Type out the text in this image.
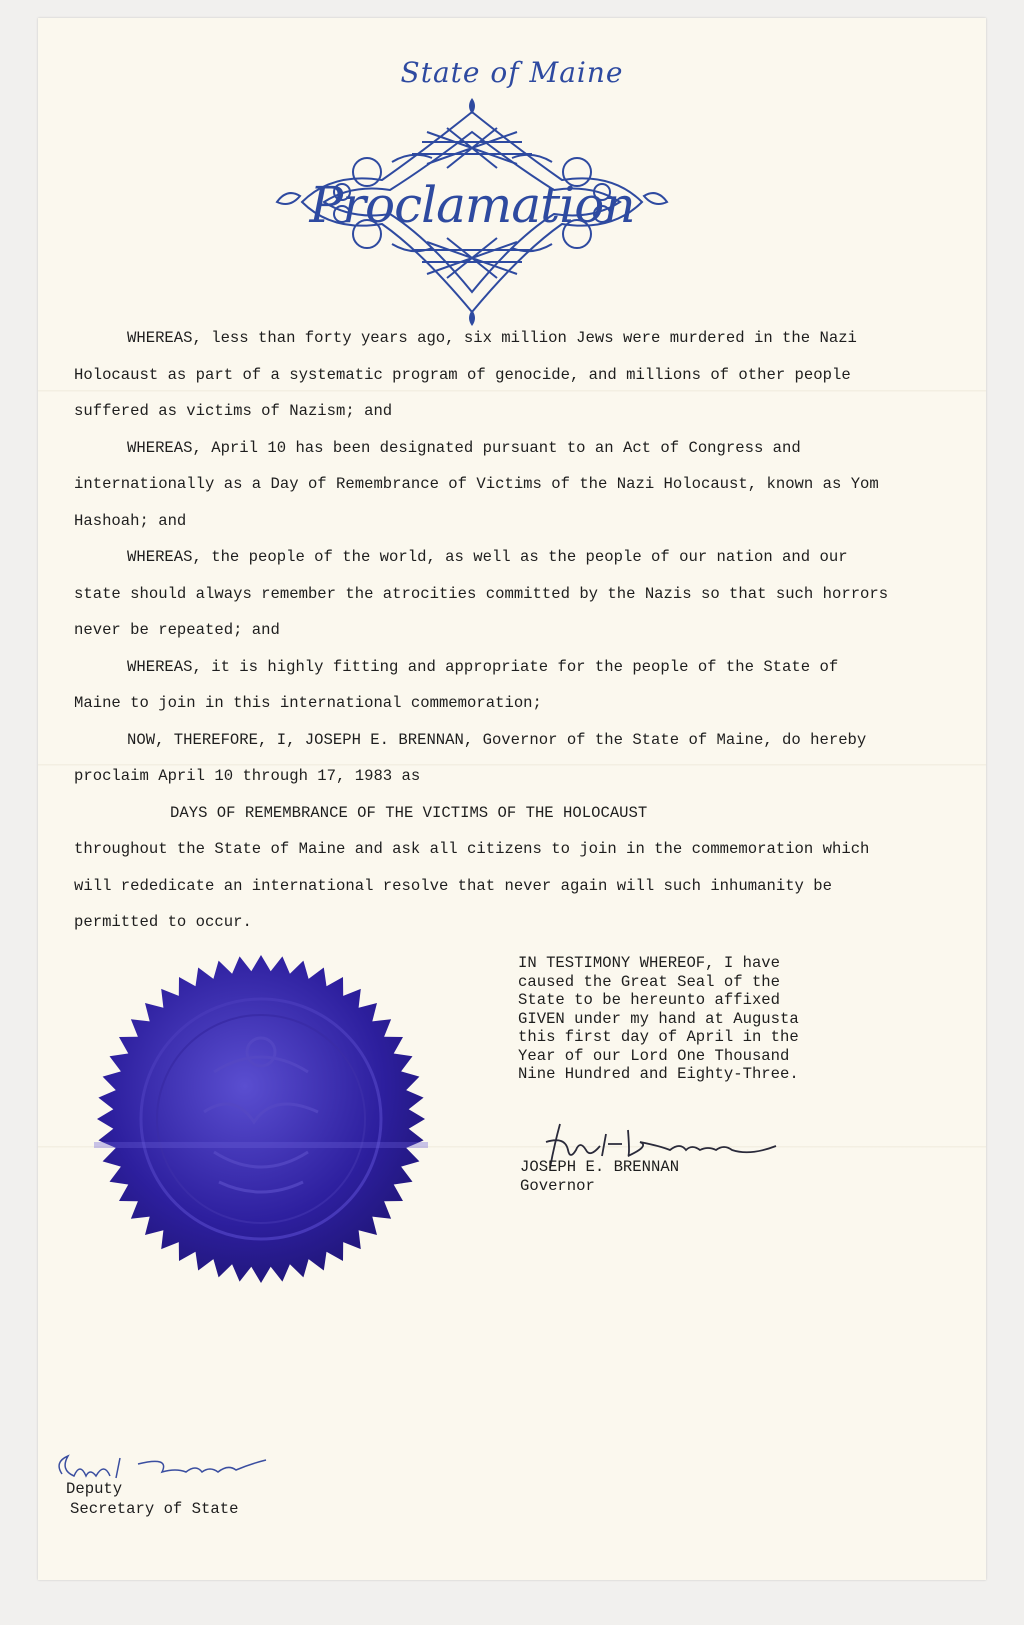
State of Maine
Proclamation

WHEREAS, less than forty years ago, six million Jews were murdered in the Nazi Holocaust as part of a systematic program of genocide, and millions of other people suffered as victims of Nazism; and

WHEREAS, April 10 has been designated pursuant to an Act of Congress and internationally as a Day of Remembrance of Victims of the Nazi Holocaust, known as Yom Hashoah; and

WHEREAS, the people of the world, as well as the people of our nation and our state should always remember the atrocities committed by the Nazis so that such horrors never be repeated; and

WHEREAS, it is highly fitting and appropriate for the people of the State of Maine to join in this international commemoration;

NOW, THEREFORE, I, JOSEPH E. BRENNAN, Governor of the State of Maine, do hereby proclaim April 10 through 17, 1983 as

DAYS OF REMEMBRANCE OF THE VICTIMS OF THE HOLOCAUST

throughout the State of Maine and ask all citizens to join in the commemoration which will rededicate an international resolve that never again will such inhumanity be permitted to occur.

IN TESTIMONY WHEREOF, I have
caused the Great Seal of the
State to be hereunto affixed
GIVEN under my hand at Augusta
this first day of April in the
Year of our Lord One Thousand
Nine Hundred and Eighty-Three.
JOSEPH E. BRENNAN
Governor
Deputy
Secretary of State
